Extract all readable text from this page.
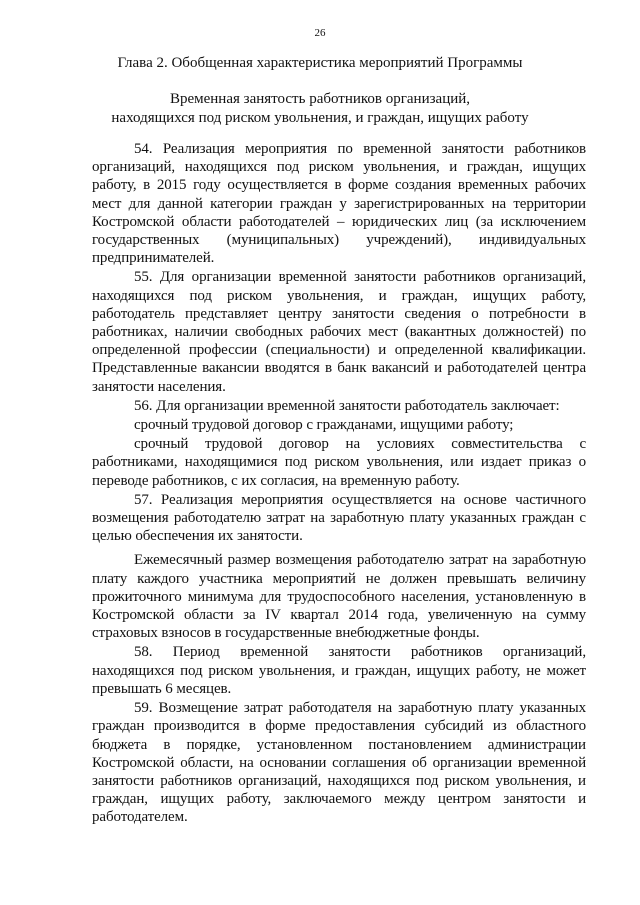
26
Глава 2. Обобщенная характеристика мероприятий Программы
Временная занятость работников организаций,
находящихся под риском увольнения, и граждан, ищущих работу

54. Реализация мероприятия по временной занятости работников организаций, находящихся под риском увольнения, и граждан, ищущих работу, в 2015 году осуществляется в форме создания временных рабочих мест для данной категории граждан у зарегистрированных на территории Костромской области работодателей – юридических лиц (за исключением государственных (муниципальных) учреждений), индивидуальных предпринимателей.

55. Для организации временной занятости работников организаций, находящихся под риском увольнения, и граждан, ищущих работу, работодатель представляет центру занятости сведения о потребности в работниках, наличии свободных рабочих мест (вакантных должностей) по определенной профессии (специальности) и определенной квалификации. Представленные вакансии вводятся в банк вакансий и работодателей центра занятости населения.

56. Для организации временной занятости работодатель заключает:

срочный трудовой договор с гражданами, ищущими работу;

срочный трудовой договор на условиях совместительства с работниками, находящимися под риском увольнения, или издает приказ о переводе работников, с их согласия, на временную работу.

57. Реализация мероприятия осуществляется на основе частичного возмещения работодателю затрат на заработную плату указанных граждан с целью обеспечения их занятости.

Ежемесячный размер возмещения работодателю затрат на заработную плату каждого участника мероприятий не должен превышать величину прожиточного минимума для трудоспособного населения, установленную в Костромской области за IV квартал 2014 года, увеличенную на сумму страховых взносов в государственные внебюджетные фонды.

58. Период временной занятости работников организаций, находящихся под риском увольнения, и граждан, ищущих работу, не может превышать 6 месяцев.

59. Возмещение затрат работодателя на заработную плату указанных граждан производится в форме предоставления субсидий из областного бюджета в порядке, установленном постановлением администрации Костромской области, на основании соглашения об организации временной занятости работников организаций, находящихся под риском увольнения, и граждан, ищущих работу, заключаемого между центром занятости и работодателем.
